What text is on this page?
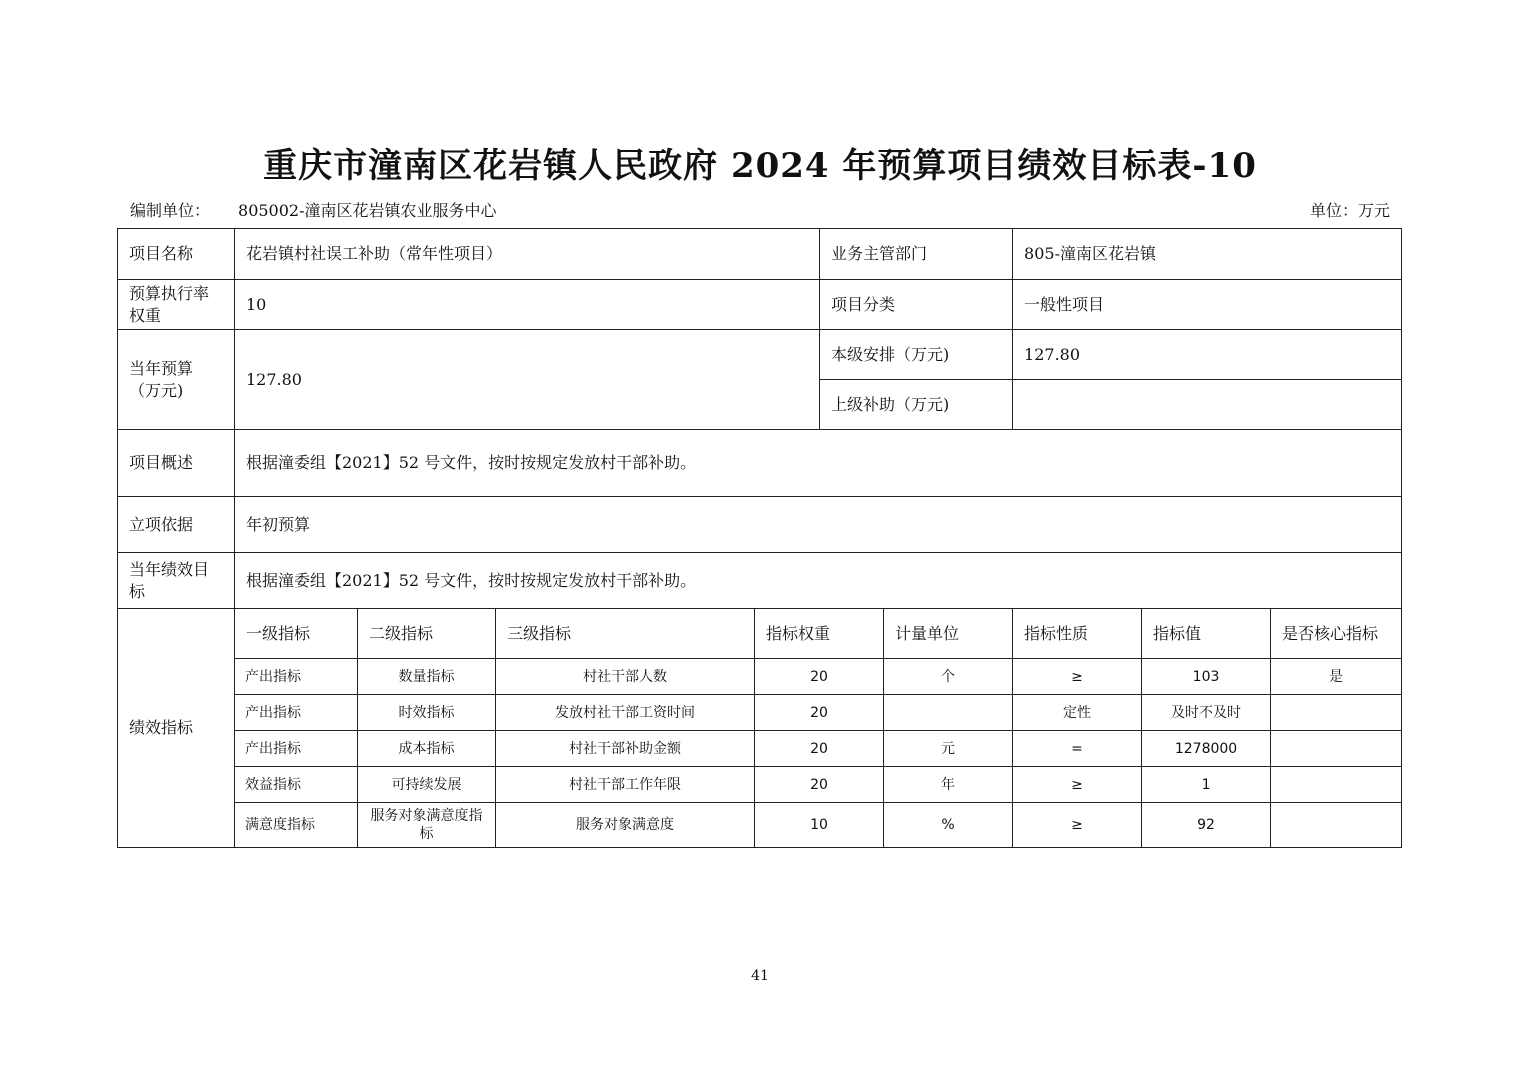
重庆市潼南区花岩镇人民政府 2024 年预算项目绩效目标表-10
编制单位： 805002-潼南区花岩镇农业服务中心	单位：万元
项目名称	花岩镇村社误工补助（常年性项目）				业务主管部门		805-潼南区花岩镇		
预算执行率权重	10				项目分类		一般性项目		
当年预算（万元)	127.80				本级安排（万元)		127.80		
					上级补助（万元)				
项目概述	根据潼委组【2021】52 号文件，按时按规定发放村干部补助。								
立项依据	年初预算								
当年绩效目标	根据潼委组【2021】52 号文件，按时按规定发放村干部补助。								
绩效指标	一级指标	二级指标	三级指标	指标权重		计量单位	指标性质	指标值	是否核心指标
	产出指标	数量指标	村社干部人数	20		个	≥	103	是
	产出指标	时效指标	发放村社干部工资时间	20			定性	及时不及时	
	产出指标	成本指标	村社干部补助金额	20		元	=	1278000	
	效益指标	可持续发展	村社干部工作年限	20		年	≥	1	
	满意度指标	服务对象满意度指标	服务对象满意度	10		%	≥	92	
41
